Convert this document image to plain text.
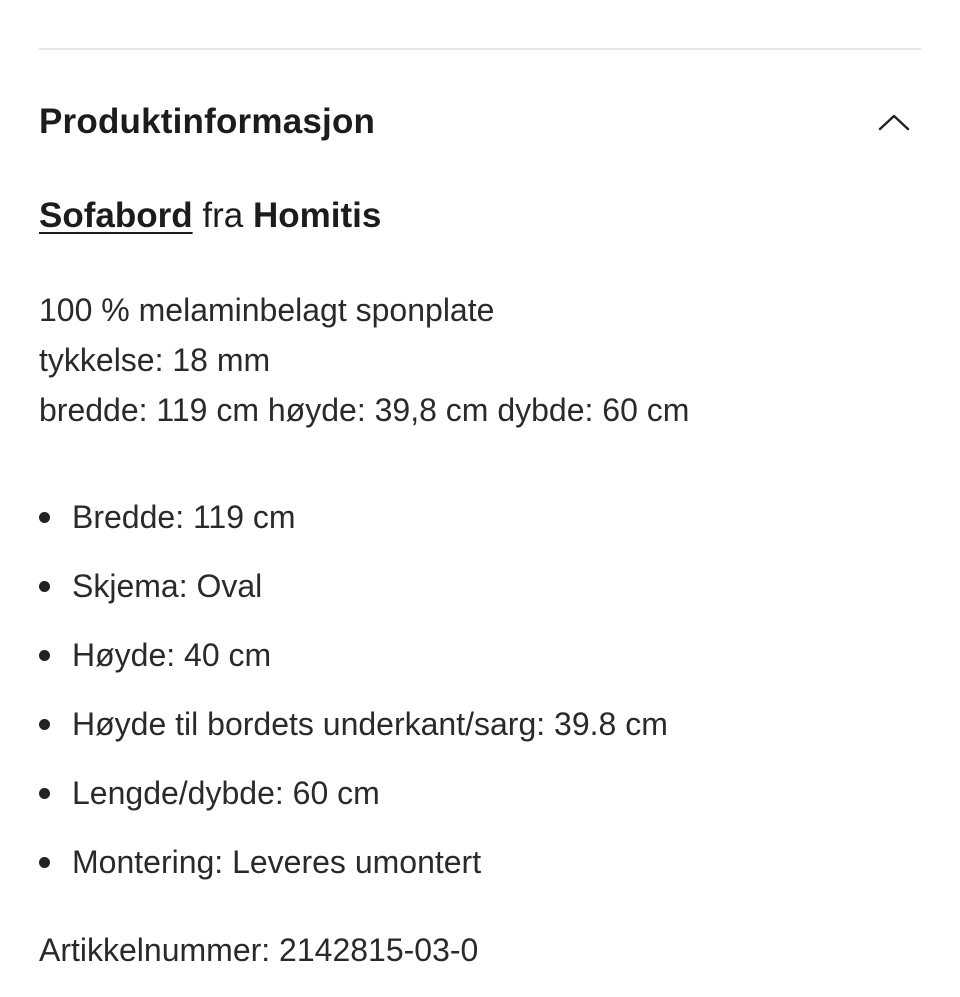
Produktinformasjon
Sofabord fra Homitis
100 % melaminbelagt sponplate
tykkelse: 18 mm
bredde: 119 cm høyde: 39,8 cm dybde: 60 cm
Bredde: 119 cm
Skjema: Oval
Høyde: 40 cm
Høyde til bordets underkant/sarg: 39.8 cm
Lengde/dybde: 60 cm
Montering: Leveres umontert
Artikkelnummer: 2142815-03-0
